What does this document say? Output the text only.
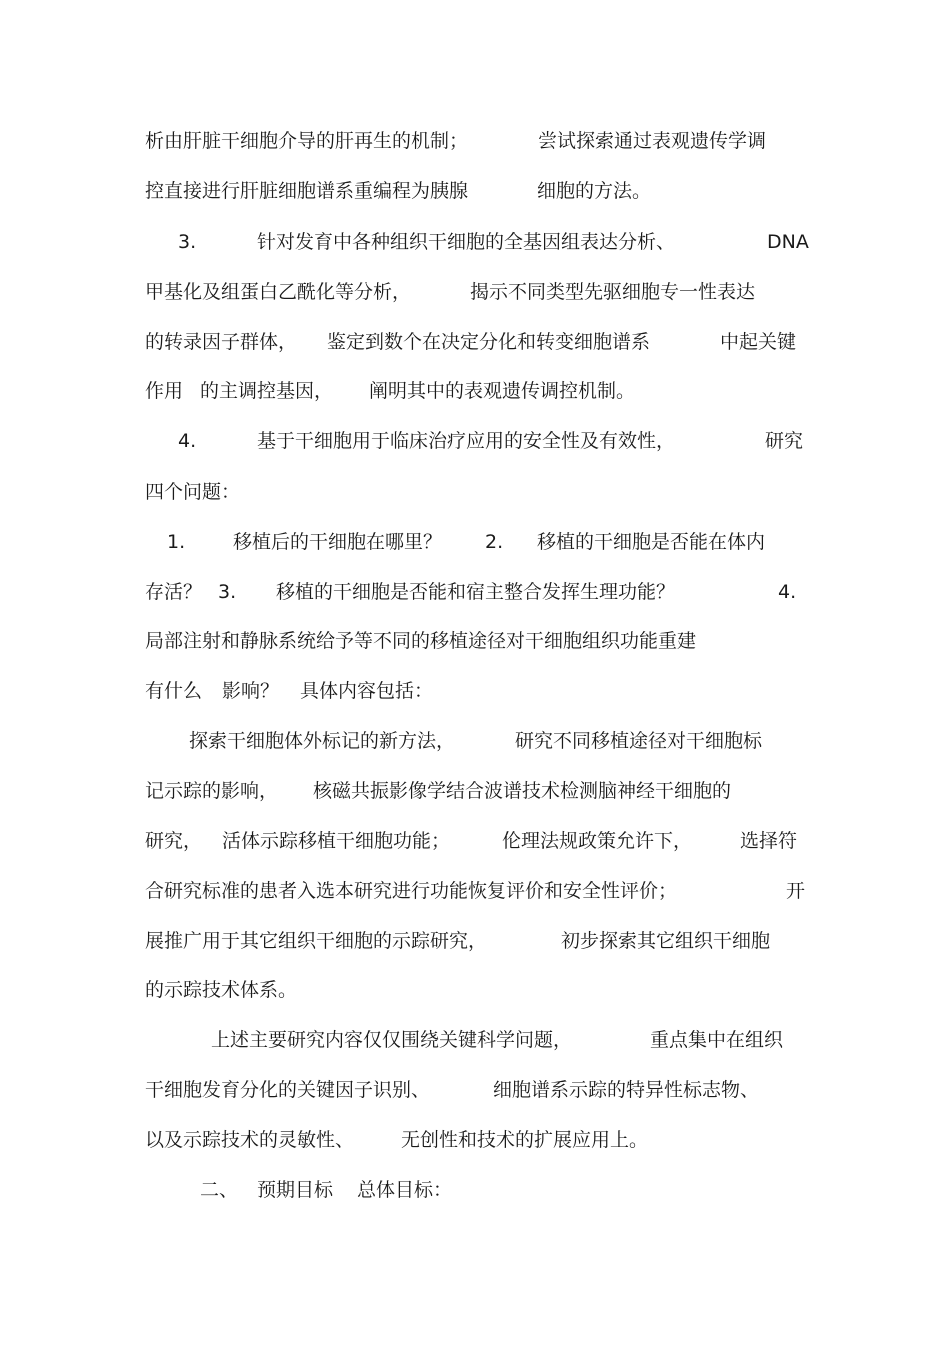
析由肝脏干细胞介导的肝再生的机制；	尝试探索通过表观遗传学调
控直接进行肝脏细胞谱系重编程为胰腺	细胞的方法。
3.	针对发育中各种组织干细胞的全基因组表达分析、	DNA
甲基化及组蛋白乙酰化等分析，	揭示不同类型先驱细胞专一性表达
的转录因子群体， 鉴定到数个在决定分化和转变细胞谱系	中起关键
作用 的主调控基因， 阐明其中的表观遗传调控机制。
4.	基于干细胞用于临床治疗应用的安全性及有效性，	研究
四个问题：
1.	移植后的干细胞在哪里？ 2. 移植的干细胞是否能在体内
存活？ 3. 移植的干细胞是否能和宿主整合发挥生理功能？	4.
局部注射和静脉系统给予等不同的移植途径对干细胞组织功能重建
有什么 影响？ 具体内容包括：
探索干细胞体外标记的新方法，	研究不同移植途径对干细胞标
记示踪的影响， 核磁共振影像学结合波谱技术检测脑神经干细胞的
研究， 活体示踪移植干细胞功能；	伦理法规政策允许下，	选择符
合研究标准的患者入选本研究进行功能恢复评价和安全性评价；	开
展推广用于其它组织干细胞的示踪研究，	初步探索其它组织干细胞
的示踪技术体系。
上述主要研究内容仅仅围绕关键科学问题，	重点集中在组织
干细胞发育分化的关键因子识别、	细胞谱系示踪的特异性标志物、
以及示踪技术的灵敏性、 无创性和技术的扩展应用上。
二、 预期目标 总体目标：
